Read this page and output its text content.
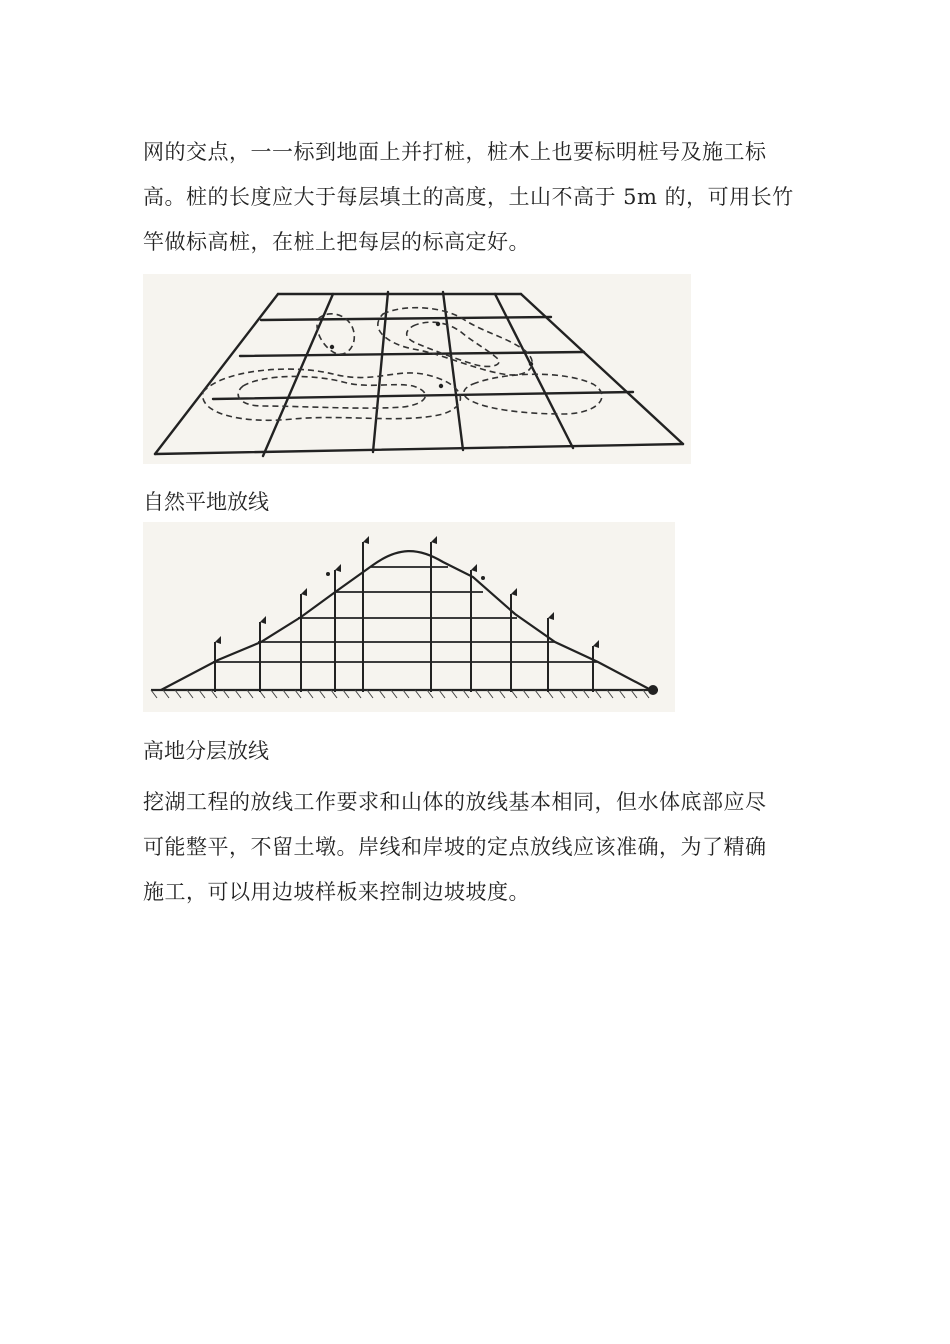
网的交点，一一标到地面上并打桩，桩木上也要标明桩号及施工标
高。桩的长度应大于每层填土的高度，土山不高于 5m 的，可用长竹
竿做标高桩，在桩上把每层的标高定好。

自然平地放线

高地分层放线

挖湖工程的放线工作要求和山体的放线基本相同，但水体底部应尽
可能整平，不留土墩。岸线和岸坡的定点放线应该准确，为了精确
施工，可以用边坡样板来控制边坡坡度。
